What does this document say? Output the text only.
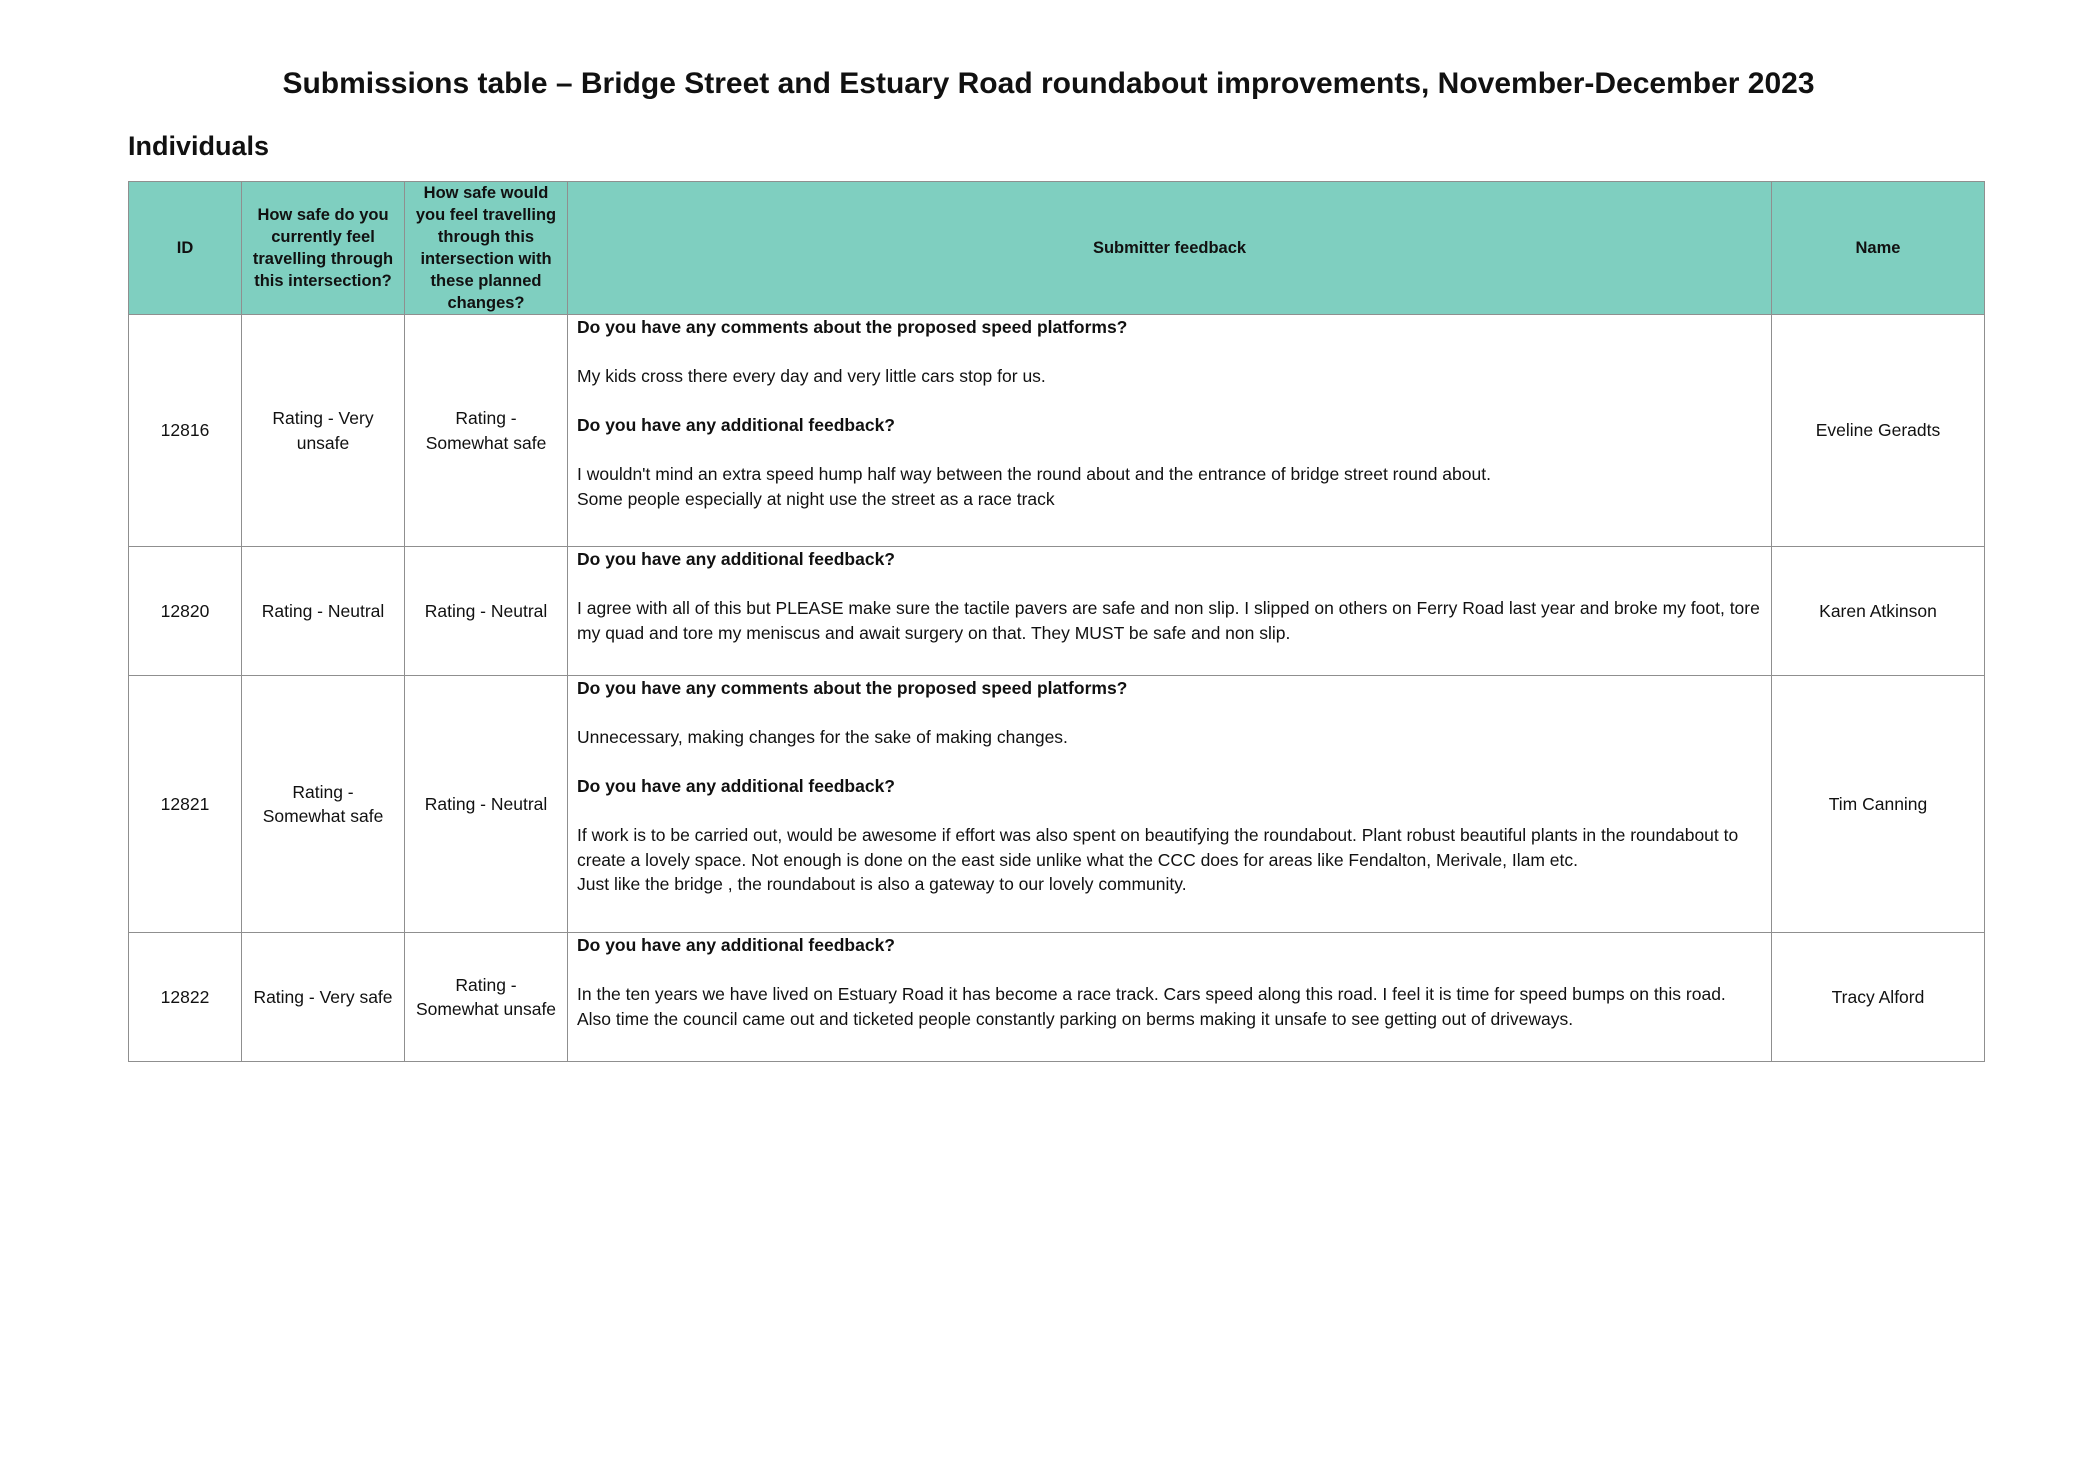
Submissions table – Bridge Street and Estuary Road roundabout improvements, November-December 2023
Individuals
ID	How safe do you currently feel travelling through this intersection?	How safe would you feel travelling through this intersection with these planned changes?	Submitter feedback	Name
12816	Rating - Very unsafe	Rating - Somewhat safe	Do you have any comments about the proposed speed platforms?

My kids cross there every day and very little cars stop for us.

Do you have any additional feedback?

I wouldn't mind an extra speed hump half way between the round about and the entrance of bridge street round about.
Some people especially at night use the street as a race track	Eveline Geradts
12820	Rating - Neutral	Rating - Neutral	Do you have any additional feedback?

I agree with all of this but PLEASE make sure the tactile pavers are safe and non slip. I slipped on others on Ferry Road last year and broke my foot, tore my quad and tore my meniscus and await surgery on that. They MUST be safe and non slip.	Karen Atkinson
12821	Rating - Somewhat safe	Rating - Neutral	Do you have any comments about the proposed speed platforms?

Unnecessary, making changes for the sake of making changes.

Do you have any additional feedback?

If work is to be carried out, would be awesome if effort was also spent on beautifying the roundabout. Plant robust beautiful plants in the roundabout to create a lovely space. Not enough is done on the east side unlike what the CCC does for areas like Fendalton, Merivale, Ilam etc.
Just like the bridge , the roundabout is also a gateway to our lovely community.	Tim Canning
12822	Rating - Very safe	Rating - Somewhat unsafe	Do you have any additional feedback?

In the ten years we have lived on Estuary Road it has become a race track. Cars speed along this road. I feel it is time for speed bumps on this road.
Also time the council came out and ticketed people constantly parking on berms making it unsafe to see getting out of driveways.	Tracy Alford
